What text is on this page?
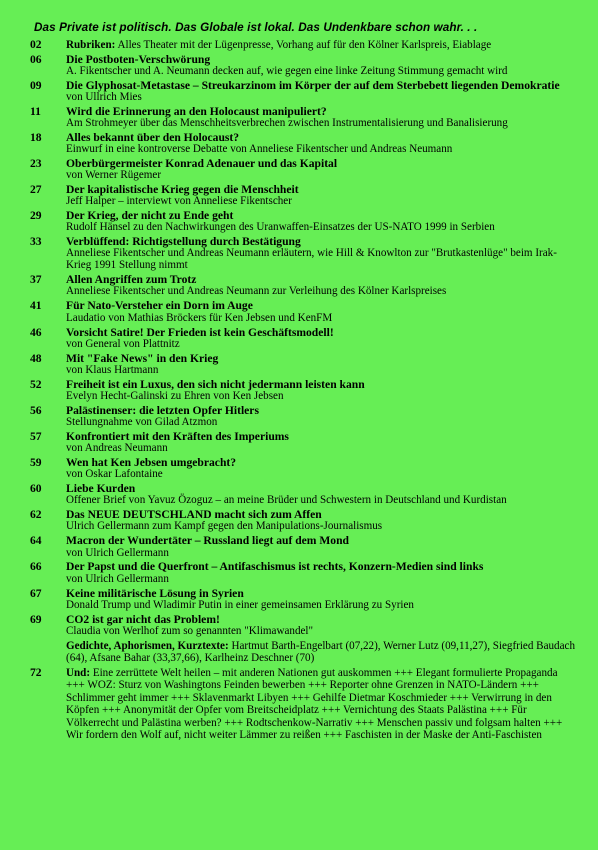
Das Private ist politisch. Das Globale ist lokal. Das Undenkbare schon wahr. . .
02	Rubriken: Alles Theater mit der Lügenpresse, Vorhang auf für den Kölner Karlspreis, Eiablage
06	Die Postboten-Verschwörung
A. Fikentscher und A. Neumann decken auf, wie gegen eine linke Zeitung Stimmung gemacht wird
09	Die Glyphosat-Metastase – Streukarzinom im Körper der auf dem Sterbebett liegenden Demokratie
von Ullrich Mies
11	Wird die Erinnerung an den Holocaust manipuliert?
Am Strohmeyer über das Menschheitsverbrechen zwischen Instrumentalisierung und Banalisierung
18	Alles bekannt über den Holocaust?
Einwurf in eine kontroverse Debatte von Anneliese Fikentscher und Andreas Neumann
23	Oberbürgermeister Konrad Adenauer und das Kapital
von Werner Rügemer
27	Der kapitalistische Krieg gegen die Menschheit
Jeff Halper – interviewt von Anneliese Fikentscher
29	Der Krieg, der nicht zu Ende geht
Rudolf Hänsel zu den Nachwirkungen des Uranwaffen-Einsatzes der US-NATO 1999 in Serbien
33	Verblüffend: Richtigstellung durch Bestätigung
Anneliese Fikentscher und Andreas Neumann erläutern, wie Hill & Knowlton zur "Brutkastenlüge" beim Irak-Krieg 1991 Stellung nimmt
37	Allen Angriffen zum Trotz
Anneliese Fikentscher und Andreas Neumann zur Verleihung des Kölner Karlspreises
41	Für Nato-Versteher ein Dorn im Auge
Laudatio von Mathias Bröckers für Ken Jebsen und KenFM
46	Vorsicht Satire! Der Frieden ist kein Geschäftsmodell!
von General von Plattnitz
48	Mit "Fake News" in den Krieg
von Klaus Hartmann
52	Freiheit ist ein Luxus, den sich nicht jedermann leisten kann
Evelyn Hecht-Galinski zu Ehren von Ken Jebsen
56	Palästinenser: die letzten Opfer Hitlers
Stellungnahme von Gilad Atzmon
57	Konfrontiert mit den Kräften des Imperiums
von Andreas Neumann
59	Wen hat Ken Jebsen umgebracht?
von Oskar Lafontaine
60	Liebe Kurden
Offener Brief von Yavuz Özoguz – an meine Brüder und Schwestern in Deutschland und Kurdistan
62	Das NEUE DEUTSCHLAND macht sich zum Affen
Ulrich Gellermann zum Kampf gegen den Manipulations-Journalismus
64	Macron der Wundertäter – Russland liegt auf dem Mond
von Ulrich Gellermann
66	Der Papst und die Querfront – Antifaschismus ist rechts, Konzern-Medien sind links
von Ulrich Gellermann
67	Keine militärische Lösung in Syrien
Donald Trump und Wladimir Putin in einer gemeinsamen Erklärung zu Syrien
69	CO2 ist gar nicht das Problem!
Claudia von Werlhof zum so genannten "Klimawandel"
Gedichte, Aphorismen, Kurztexte: Hartmut Barth-Engelbart (07,22), Werner Lutz (09,11,27), Siegfried Baudach (64), Afsane Bahar (33,37,66), Karlheinz Deschner (70)
72	Und: Eine zerrüttete Welt heilen – mit anderen Nationen gut auskommen +++ Elegant formulierte Propaganda +++ WOZ: Sturz von Washingtons Feinden bewerben +++ Reporter ohne Grenzen in NATO-Ländern +++ Schlimmer geht immer +++ Sklavenmarkt Libyen +++ Gehilfe Dietmar Koschmieder +++ Verwirrung in den Köpfen +++ Anonymität der Opfer vom Breitscheidplatz +++ Vernichtung des Staats Palästina +++ Für Völkerrecht und Palästina werben? +++ Rodtschenkow-Narrativ +++ Menschen passiv und folgsam halten +++ Wir fordern den Wolf auf, nicht weiter Lämmer zu reißen +++ Faschisten in der Maske der Anti-Faschisten
